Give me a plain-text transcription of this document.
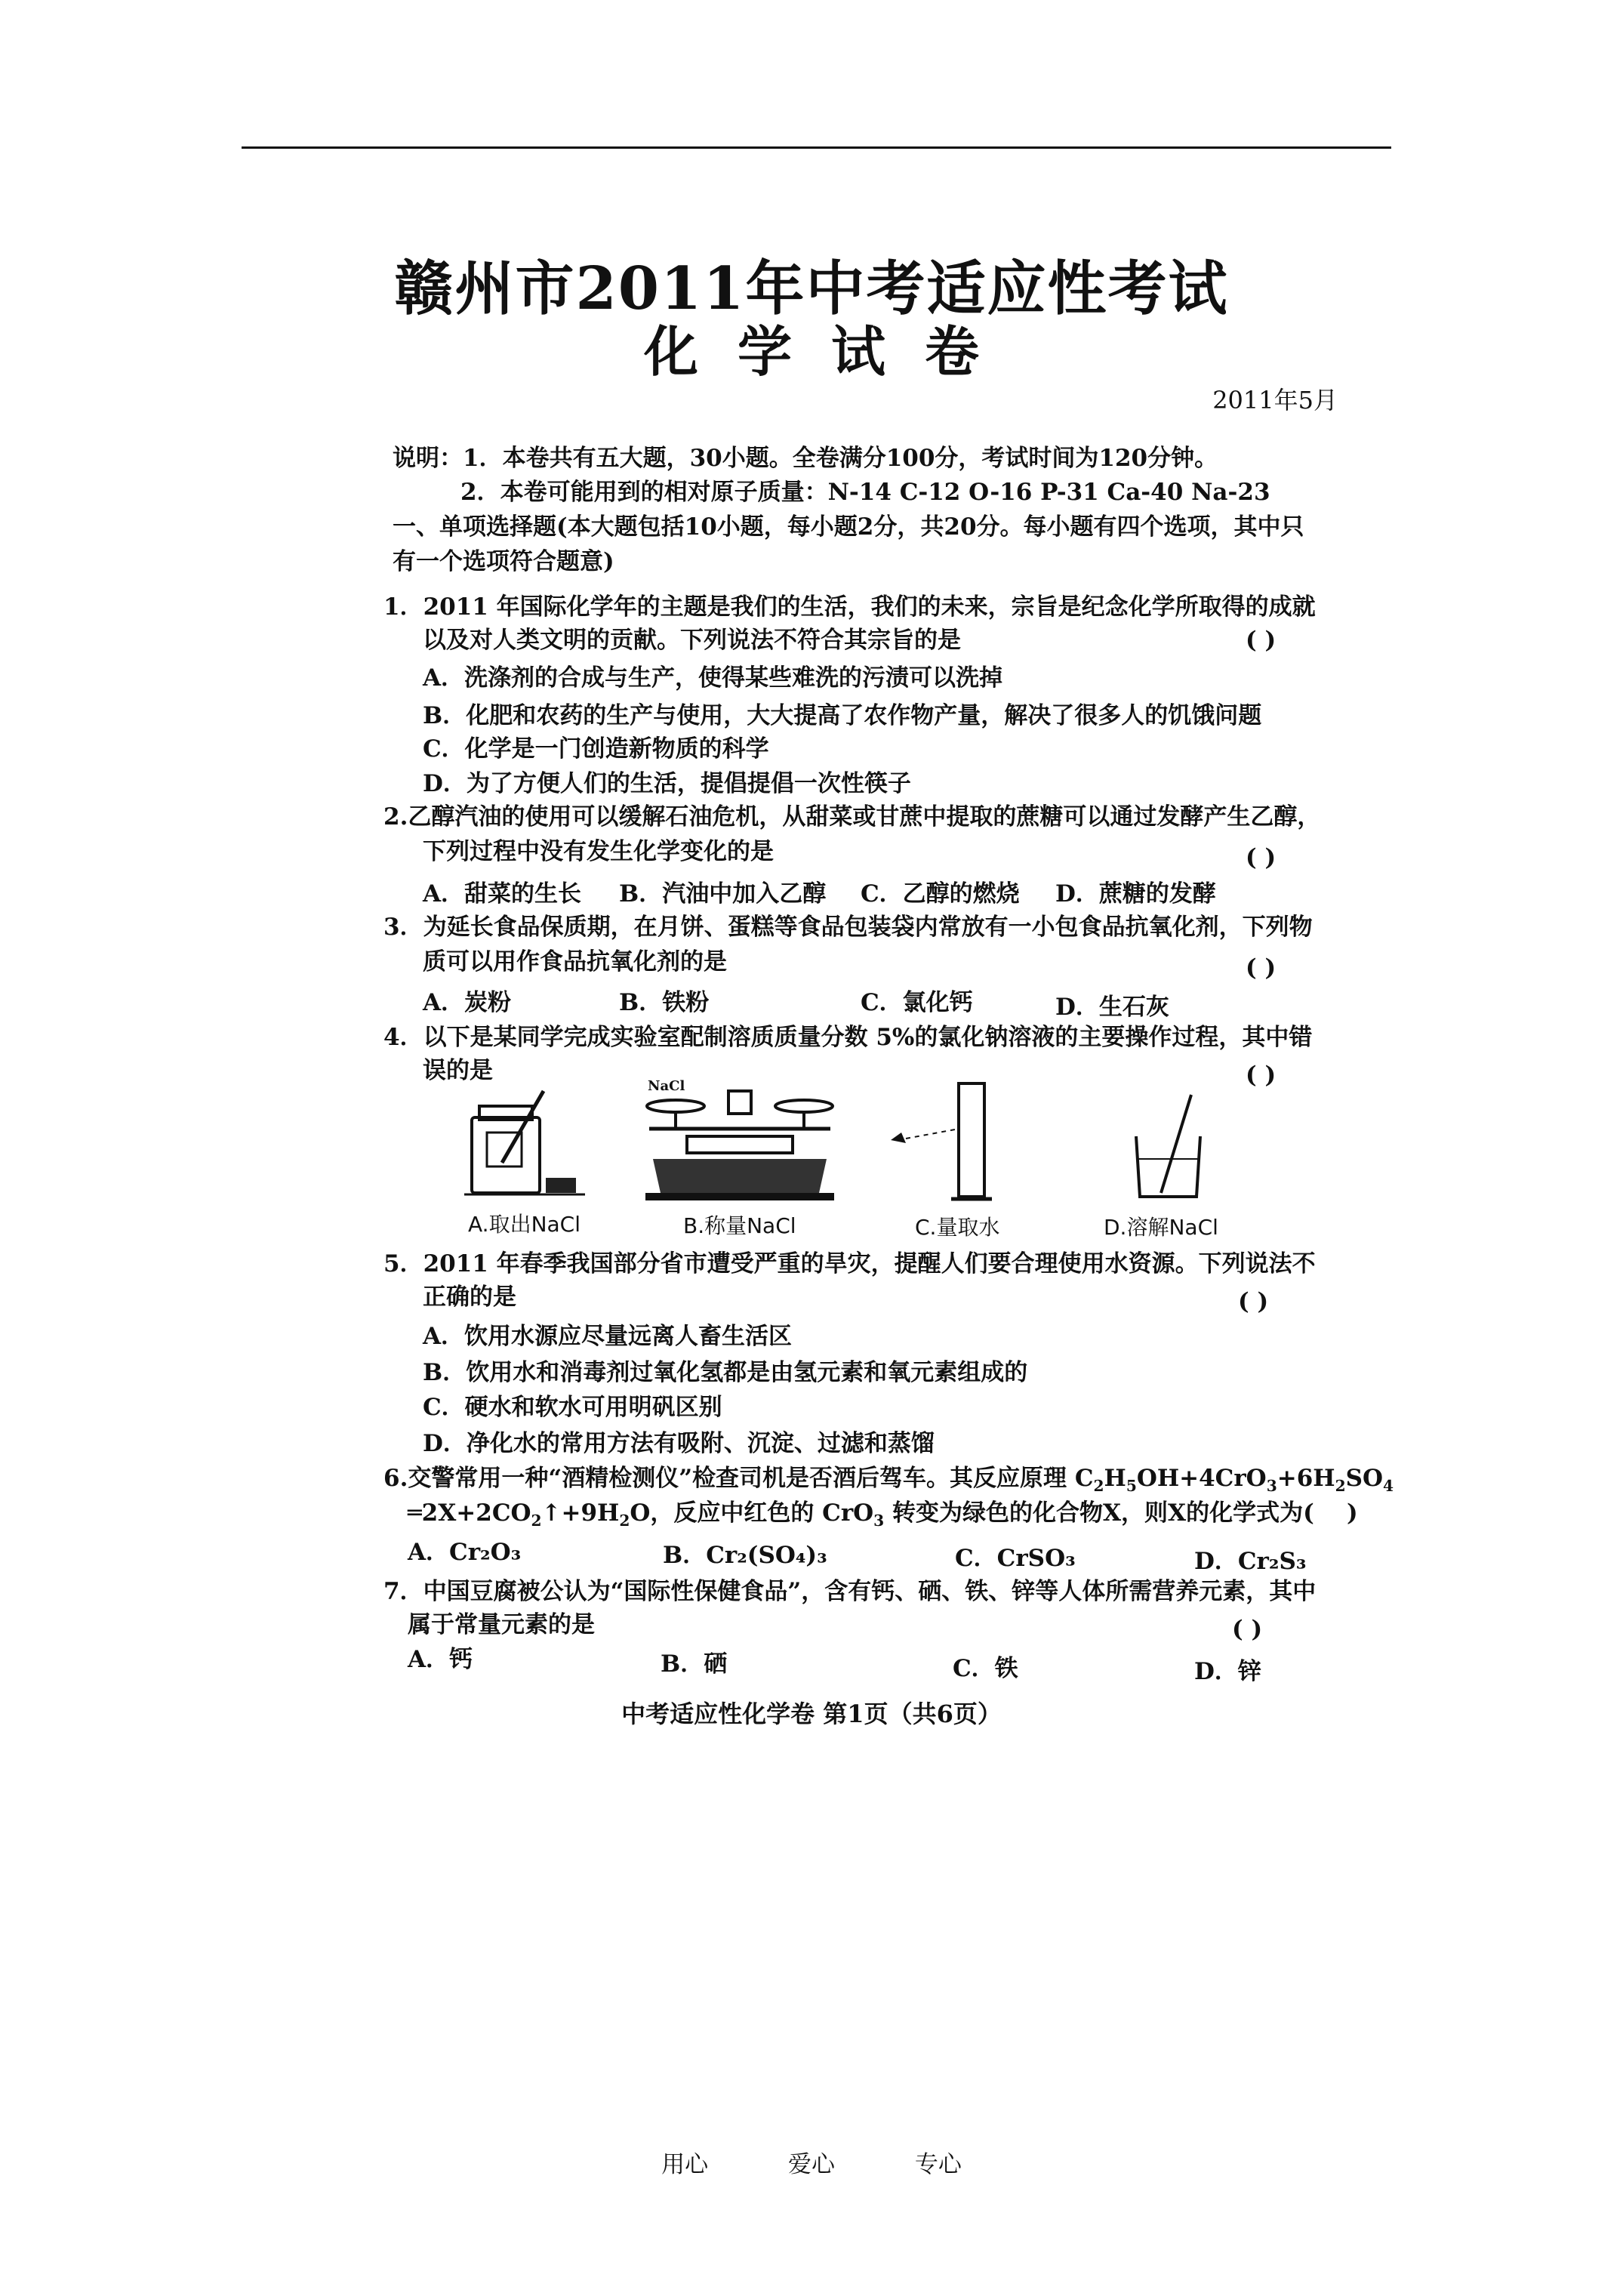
赣州市2011年中考适应性考试
化学试卷
2011年5月
说明：1．本卷共有五大题，30小题。全卷满分100分，考试时间为120分钟。
2．本卷可能用到的相对原子质量：N-14 C-12 O-16 P-31 Ca-40 Na-23
一、单项选择题(本大题包括10小题，每小题2分，共20分。每小题有四个选项，其中只
有一个选项符合题意)
1．2011 年国际化学年的主题是我们的生活，我们的未来，宗旨是纪念化学所取得的成就
以及对人类文明的贡献。下列说法不符合其宗旨的是	( )
A．洗涤剂的合成与生产，使得某些难洗的污渍可以洗掉
B．化肥和农药的生产与使用，大大提高了农作物产量，解决了很多人的饥饿问题
C．化学是一门创造新物质的科学
D．为了方便人们的生活，提倡提倡一次性筷子
2.乙醇汽油的使用可以缓解石油危机，从甜菜或甘蔗中提取的蔗糖可以通过发酵产生乙醇，
下列过程中没有发生化学变化的是	( )
A．甜菜的生长 B．汽油中加入乙醇 C．乙醇的燃烧 D．蔗糖的发酵
3．为延长食品保质期，在月饼、蛋糕等食品包装袋内常放有一小包食品抗氧化剂，下列物
质可以用作食品抗氧化剂的是	( )
A．炭粉	B．铁粉	C．氯化钙	D．生石灰
4．以下是某同学完成实验室配制溶质质量分数 5%的氯化钠溶液的主要操作过程，其中错
误的是	( )
A.取出NaCl
NaCl
B.称量NaCl	C.量取水	D.溶解NaCl
5．2011 年春季我国部分省市遭受严重的旱灾，提醒人们要合理使用水资源。下列说法不
正确的是	( )
A．饮用水源应尽量远离人畜生活区
B．饮用水和消毒剂过氧化氢都是由氢元素和氧元素组成的
C．硬水和软水可用明矾区别
D．净化水的常用方法有吸附、沉淀、过滤和蒸馏
6.交警常用一种“酒精检测仪”检查司机是否酒后驾车。其反应原理 $C_2H_5OH+4CrO_3+6H_2SO_4$
$═2X+2CO_2↑+9H_2O$，反应中红色的 CrO$_3$ 转变为绿色的化合物X，则X的化学式为( )
A．Cr₂O₃	B．Cr₂(SO₄)₃	C．CrSO₃	D．Cr₂S₃
7．中国豆腐被公认为“国际性保健食品”，含有钙、硒、铁、锌等人体所需营养元素，其中
属于常量元素的是	( )
A．钙	B．硒	C．铁	D．锌
中考适应性化学卷 第1页（共6页）
用心	爱心	专心
